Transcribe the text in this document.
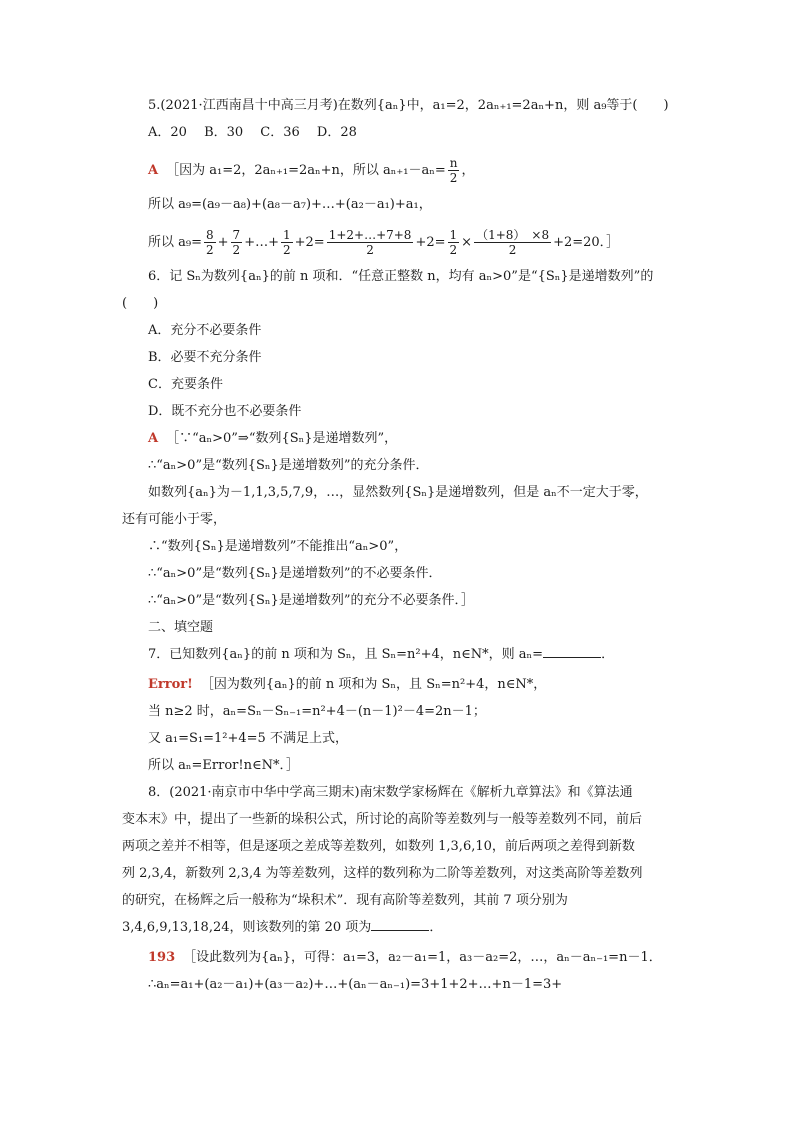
5.(2021·江西南昌十中高三月考)在数列{aₙ}中，a₁=2，2aₙ₊₁=2aₙ+n，则 a₉等于(　　)
A．20　 B．30　 C．36　 D．28
A ［因为 a₁=2，2aₙ₊₁=2aₙ+n，所以 $a_{n+1}-a_n= \frac{n}{2}$ ，
所以 a₉=(a₉－a₈)+(a₈－a₇)+…+(a₂－a₁)+a₁，
所以 $a_9= \frac{8}{2} + \frac{7}{2}$ +…+ $\frac{1}{2} +2= \frac{1+2+\dots+7+8}{2} +2= \frac{1}{2} \times \frac{(1+8) \times 8}{2} +2=20$．］
6．记 Sₙ为数列{aₙ}的前 n 项和．“任意正整数 n，均有 aₙ>0”是“{Sₙ}是递增数列”的
(　　)
A．充分不必要条件
B．必要不充分条件
C．充要条件
D．既不充分也不必要条件
A ［∵“aₙ>0”⇒“数列{Sₙ}是递增数列”，
∴“aₙ>0”是“数列{Sₙ}是递增数列”的充分条件．
如数列{aₙ}为－1,1,3,5,7,9，…，显然数列{Sₙ}是递增数列，但是 aₙ不一定大于零，
还有可能小于零，
∴“数列{Sₙ}是递增数列”不能推出“aₙ>0”，
∴“aₙ>0”是“数列{Sₙ}是递增数列”的不必要条件．
∴“aₙ>0”是“数列{Sₙ}是递增数列”的充分不必要条件．］
二、填空题
7．已知数列{aₙ}的前 n 项和为 Sₙ，且 Sₙ=n²+4，n∈N*，则 aₙ=	．
Error! ［因为数列{aₙ}的前 n 项和为 Sₙ，且 Sₙ=n²+4，n∈N*，
当 n≥2 时，aₙ=Sₙ－Sₙ₋₁=n²+4－(n－1)²－4=2n－1；
又 a₁=S₁=1²+4=5 不满足上式，
所以 aₙ=Error!n∈N*．］
8．(2021·南京市中华中学高三期末)南宋数学家杨辉在《解析九章算法》和《算法通
变本末》中，提出了一些新的垛积公式，所讨论的高阶等差数列与一般等差数列不同，前后
两项之差并不相等，但是逐项之差成等差数列，如数列 1,3,6,10，前后两项之差得到新数
列 2,3,4，新数列 2,3,4 为等差数列，这样的数列称为二阶等差数列，对这类高阶等差数列
的研究，在杨辉之后一般称为“垛积术”．现有高阶等差数列，其前 7 项分别为
3,4,6,9,13,18,24，则该数列的第 20 项为	．
193 ［设此数列为{aₙ}，可得：a₁=3，a₂－a₁=1，a₃－a₂=2，…，aₙ－aₙ₋₁=n－1．
∴aₙ=a₁+(a₂－a₁)+(a₃－a₂)+…+(aₙ－aₙ₋₁)=3+1+2+…+n－1=3+
